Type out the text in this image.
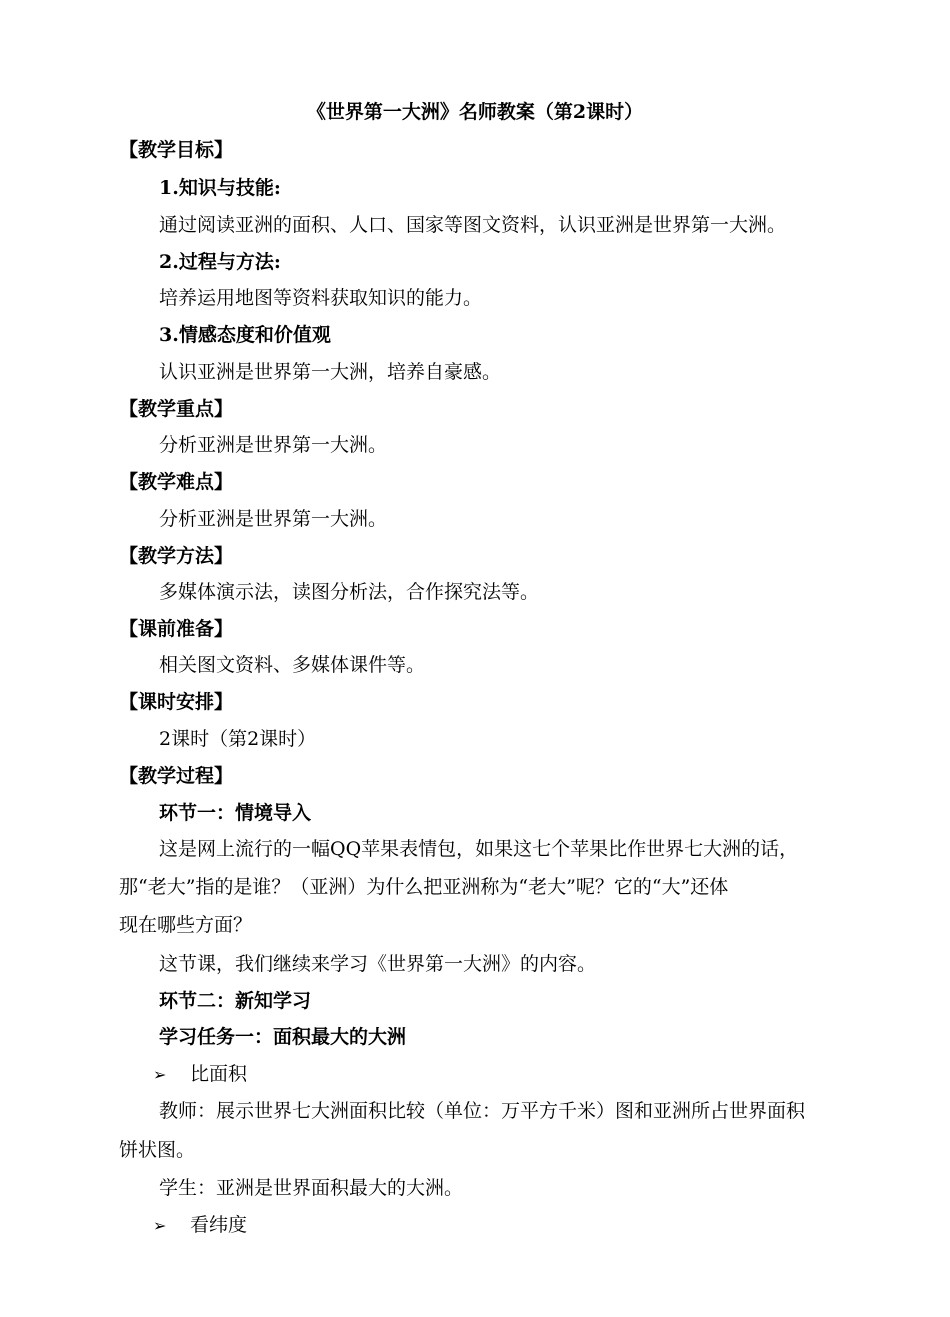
《世界第一大洲》名师教案（第2课时）
【教学目标】
1.知识与技能:
通过阅读亚洲的面积、人口、国家等图文资料，认识亚洲是世界第一大洲。
2.过程与方法:
培养运用地图等资料获取知识的能力。
3.情感态度和价值观
认识亚洲是世界第一大洲，培养自豪感。
【教学重点】
分析亚洲是世界第一大洲。
【教学难点】
分析亚洲是世界第一大洲。
【教学方法】
多媒体演示法，读图分析法，合作探究法等。
【课前准备】
相关图文资料、多媒体课件等。
【课时安排】
2课时（第2课时）
【教学过程】
环节一：情境导入
这是网上流行的一幅QQ苹果表情包，如果这七个苹果比作世界七大洲的话，
那“老大”指的是谁？（亚洲）为什么把亚洲称为“老大”呢？它的“大”还体
现在哪些方面？
这节课，我们继续来学习《世界第一大洲》的内容。
环节二：新知学习
学习任务一：面积最大的大洲
➢ 比面积
教师：展示世界七大洲面积比较（单位：万平方千米）图和亚洲所占世界面积
饼状图。
学生：亚洲是世界面积最大的大洲。
➢ 看纬度
